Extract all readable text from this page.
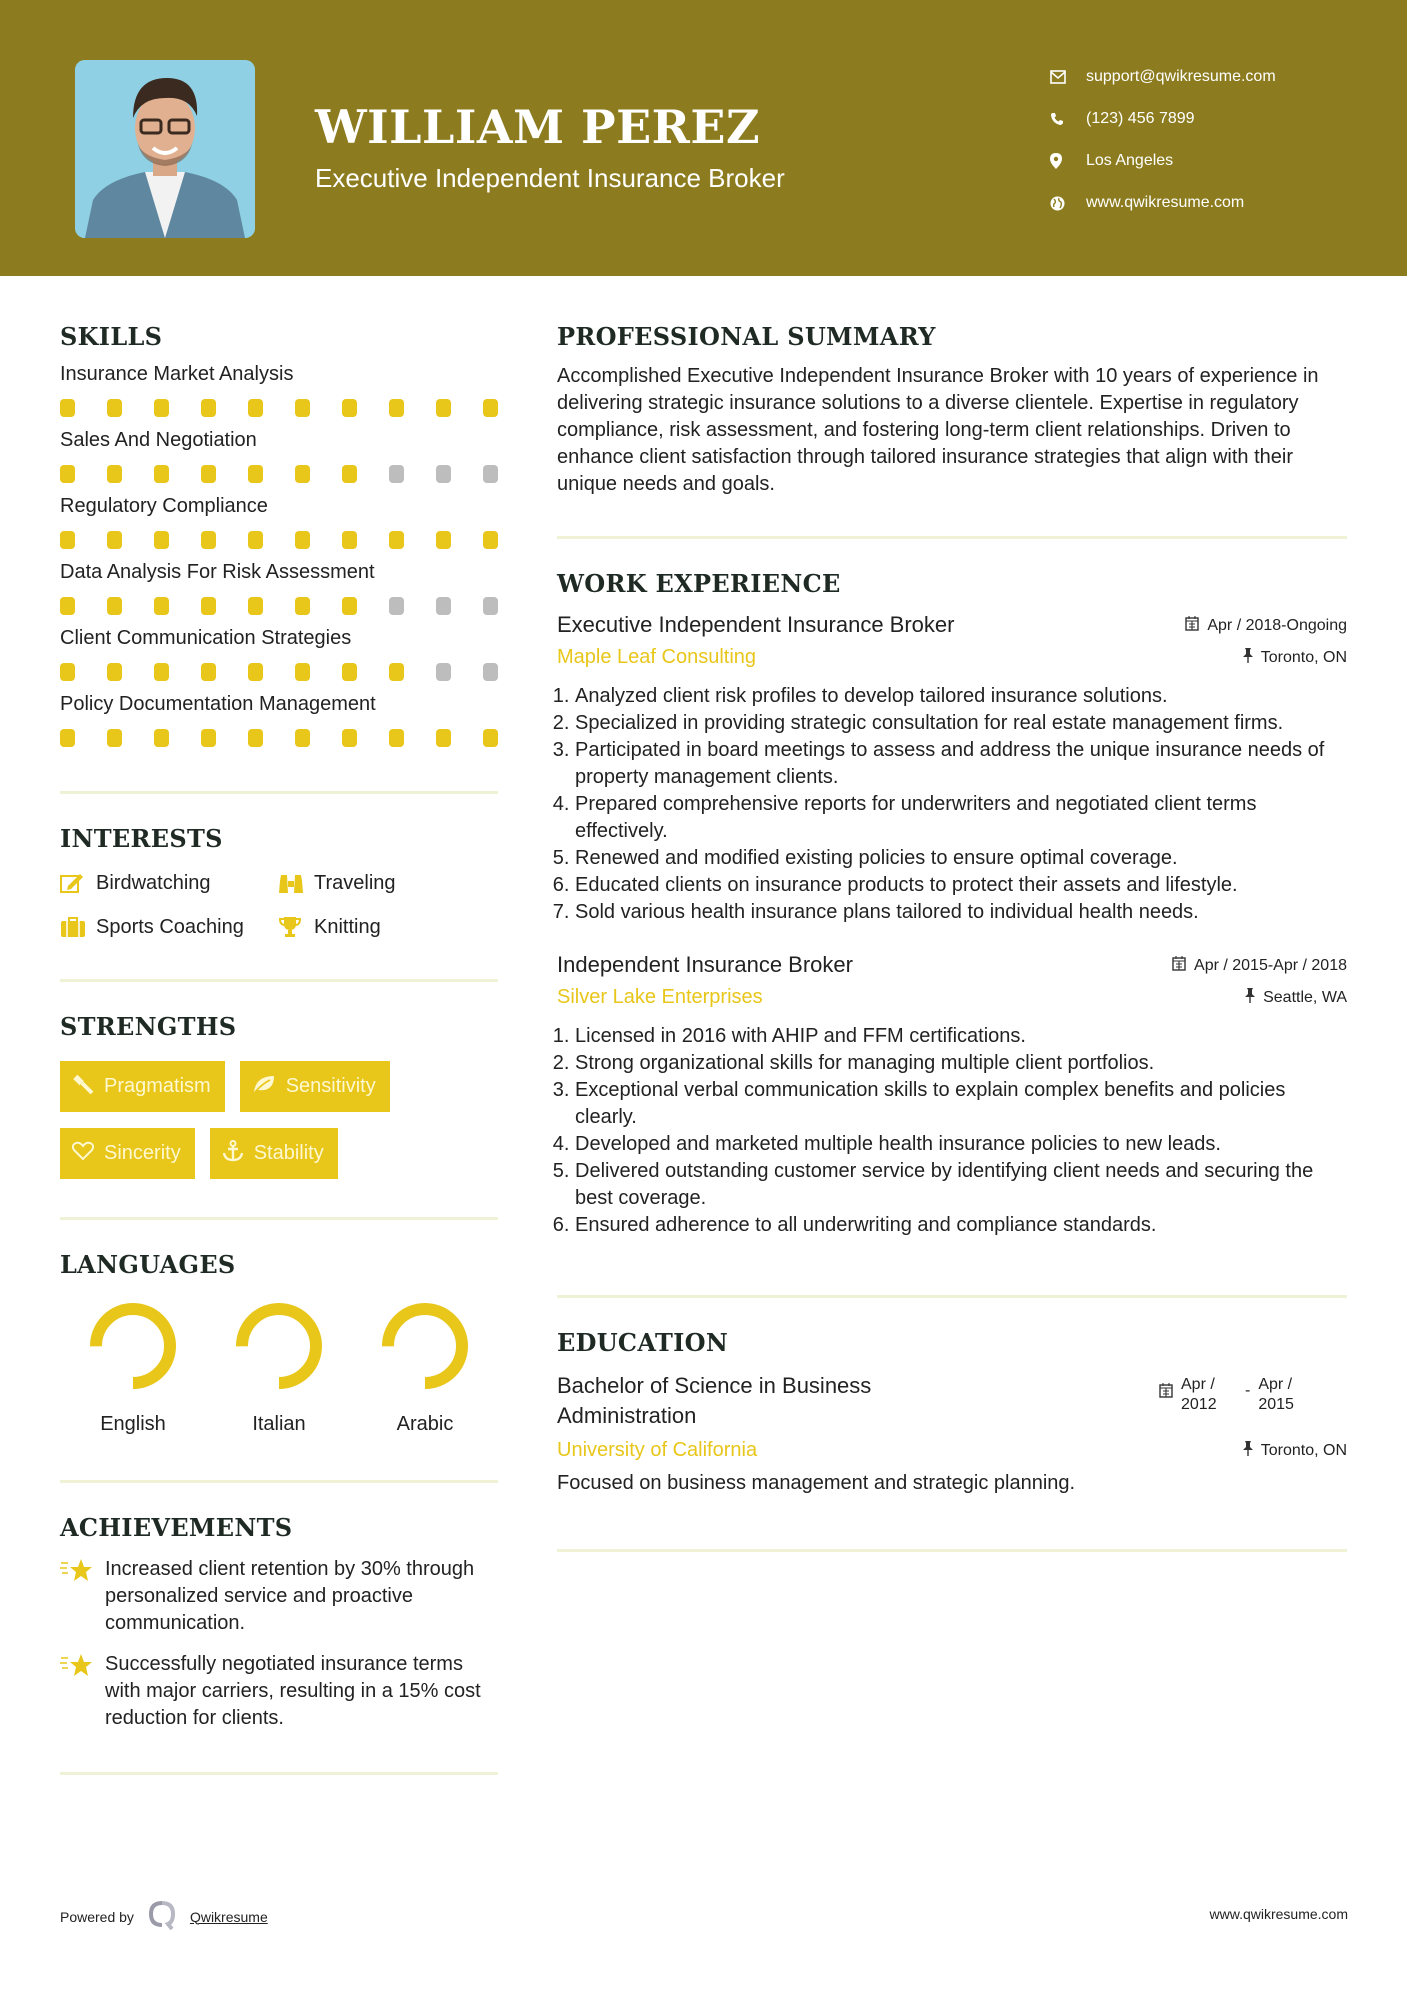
WILLIAM PEREZ
Executive Independent Insurance Broker
support@qwikresume.com
(123) 456 7899
Los Angeles
www.qwikresume.com
SKILLS
Insurance Market Analysis
Sales And Negotiation
Regulatory Compliance
Data Analysis For Risk Assessment
Client Communication Strategies
Policy Documentation Management
INTERESTS
Birdwatching	Traveling
Sports Coaching	Knitting
STRENGTHS
Pragmatism	Sensitivity
Sincerity	Stability
LANGUAGES
English	Italian	Arabic
ACHIEVEMENTS
Increased client retention by 30% through personalized service and proactive communication.
Successfully negotiated insurance terms with major carriers, resulting in a 15% cost reduction for clients.
PROFESSIONAL SUMMARY
Accomplished Executive Independent Insurance Broker with 10 years of experience in delivering strategic insurance solutions to a diverse clientele. Expertise in regulatory compliance, risk assessment, and fostering long-term client relationships. Driven to enhance client satisfaction through tailored insurance strategies that align with their unique needs and goals.
WORK EXPERIENCE
Executive Independent Insurance Broker	Apr / 2018-Ongoing
Maple Leaf Consulting	Toronto, ON
1. Analyzed client risk profiles to develop tailored insurance solutions.
2. Specialized in providing strategic consultation for real estate management firms.
3. Participated in board meetings to assess and address the unique insurance needs of property management clients.
4. Prepared comprehensive reports for underwriters and negotiated client terms effectively.
5. Renewed and modified existing policies to ensure optimal coverage.
6. Educated clients on insurance products to protect their assets and lifestyle.
7. Sold various health insurance plans tailored to individual health needs.
Independent Insurance Broker	Apr / 2015-Apr / 2018
Silver Lake Enterprises	Seattle, WA
1. Licensed in 2016 with AHIP and FFM certifications.
2. Strong organizational skills for managing multiple client portfolios.
3. Exceptional verbal communication skills to explain complex benefits and policies clearly.
4. Developed and marketed multiple health insurance policies to new leads.
5. Delivered outstanding customer service by identifying client needs and securing the best coverage.
6. Ensured adherence to all underwriting and compliance standards.
EDUCATION
Bachelor of Science in Business Administration
Apr / 2012
- Apr / 2015
University of California	Toronto, ON
Focused on business management and strategic planning.
Powered by	Qwikresume	www.qwikresume.com
